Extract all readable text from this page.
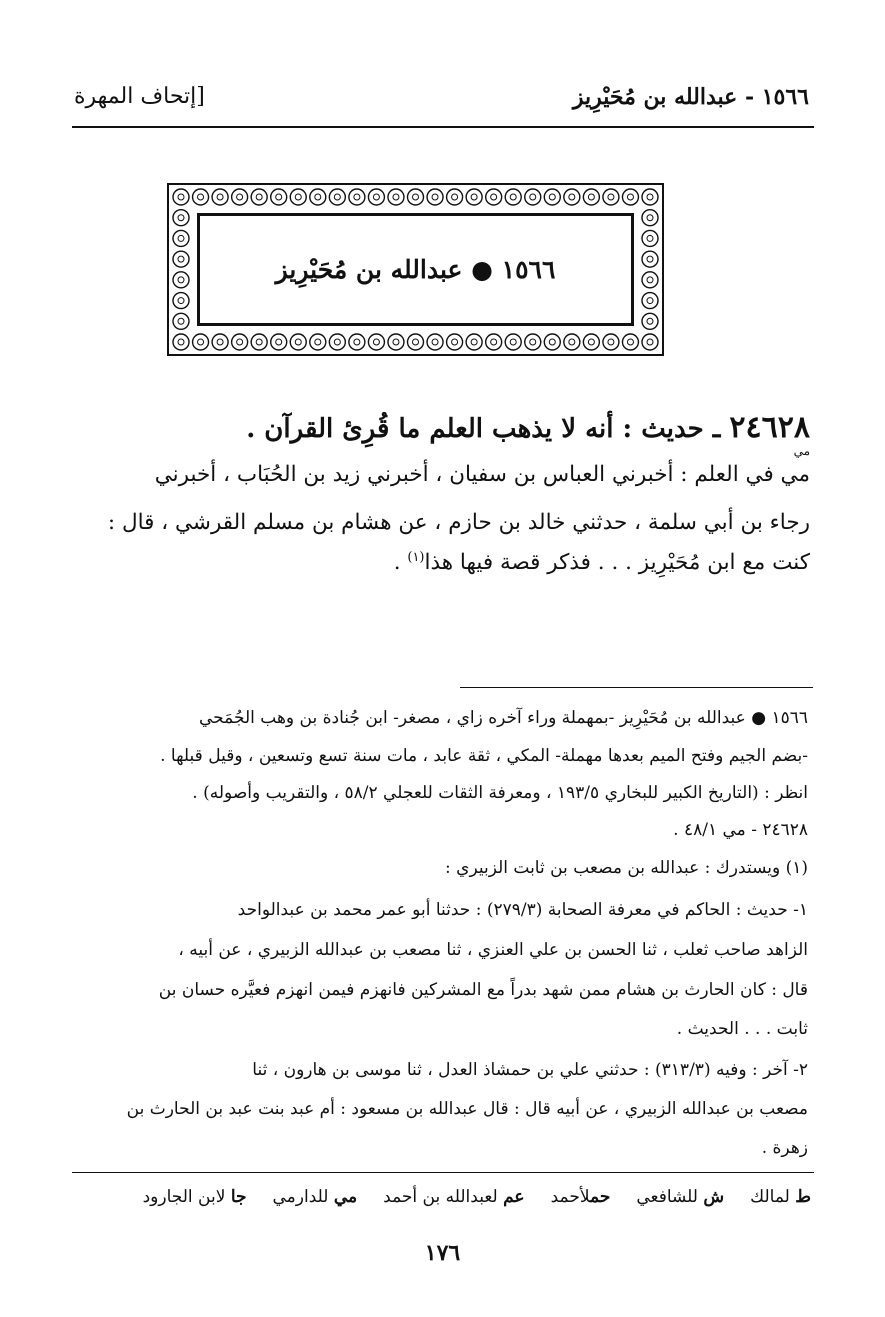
١٥٦٦ - عبدالله بن مُحَيْرِيز
[إتحاف المهرة
١٥٦٦ ● عبدالله بن مُحَيْرِيز
٢٤٦٢٨ ـ حديث : أنه لا يذهب العلم ما قُرِئ القرآن .
مي
مي في العلم : أخبرني العباس بن سفيان ، أخبرني زيد بن الحُبَاب ، أخبرني
رجاء بن أبي سلمة ، حدثني خالد بن حازم ، عن هشام بن مسلم القرشي ، قال :
كنت مع ابن مُحَيْرِيز . . . فذكر قصة فيها هذا$^{(١)}$ .
١٥٦٦ ● عبدالله بن مُحَيْرِيز -بمهملة وراء آخره زاي ، مصغر- ابن جُنادة بن وهب الجُمَحي
-بضم الجيم وفتح الميم بعدها مهملة- المكي ، ثقة عابد ، مات سنة تسع وتسعين ، وقيل قبلها .
انظر : (التاريخ الكبير للبخاري ١٩٣/٥ ، ومعرفة الثقات للعجلي ٥٨/٢ ، والتقريب وأصوله) .
٢٤٦٢٨ - مي ٤٨/١ .
(١) ويستدرك : عبدالله بن مصعب بن ثابت الزبيري :
١- حديث : الحاكم في معرفة الصحابة (٢٧٩/٣) : حدثنا أبو عمر محمد بن عبدالواحد
الزاهد صاحب ثعلب ، ثنا الحسن بن علي العنزي ، ثنا مصعب بن عبدالله الزبيري ، عن أبيه ،
قال : كان الحارث بن هشام ممن شهد بدراً مع المشركين فانهزم فيمن انهزم فعيَّره حسان بن
ثابت . . . الحديث .
٢- آخر : وفيه (٣١٣/٣) : حدثني علي بن حمشاذ العدل ، ثنا موسى بن هارون ، ثنا
مصعب بن عبدالله الزبيري ، عن أبيه قال : قال عبدالله بن مسعود : أم عبد بنت عبد بن الحارث بن
زهرة .
ط لمالك
ش للشافعي
حملأحمد
عم لعبدالله بن أحمد
مي للدارمي
جا لابن الجارود
١٧٦
